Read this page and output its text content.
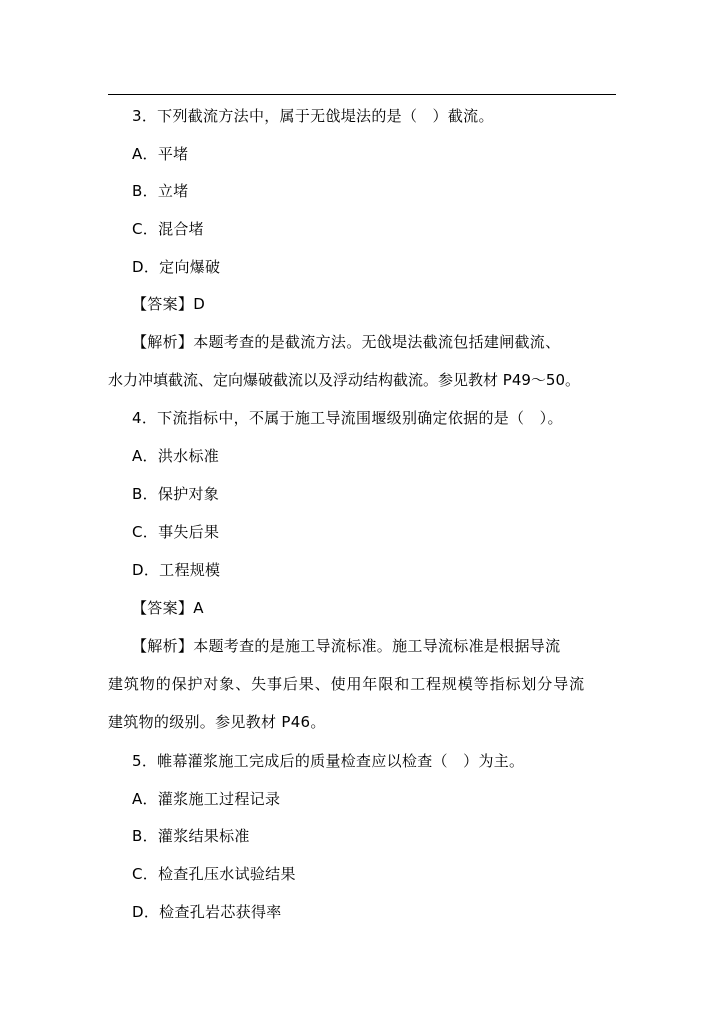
3．下列截流方法中，属于无戗堤法的是（　）截流。
A．平堵
B．立堵
C．混合堵
D．定向爆破
【答案】D
【解析】本题考查的是截流方法。无戗堤法截流包括建闸截流、
水力冲填截流、定向爆破截流以及浮动结构截流。参见教材 P49～50。
4．下流指标中，不属于施工导流围堰级别确定依据的是（　）。
A．洪水标准
B．保护对象
C．事失后果
D．工程规模
【答案】A
【解析】本题考查的是施工导流标准。施工导流标准是根据导流
建筑物的保护对象、失事后果、使用年限和工程规模等指标划分导流
建筑物的级别。参见教材 P46。
5．帷幕灌浆施工完成后的质量检查应以检查（　）为主。
A．灌浆施工过程记录
B．灌浆结果标准
C．检查孔压水试验结果
D．检查孔岩芯获得率
